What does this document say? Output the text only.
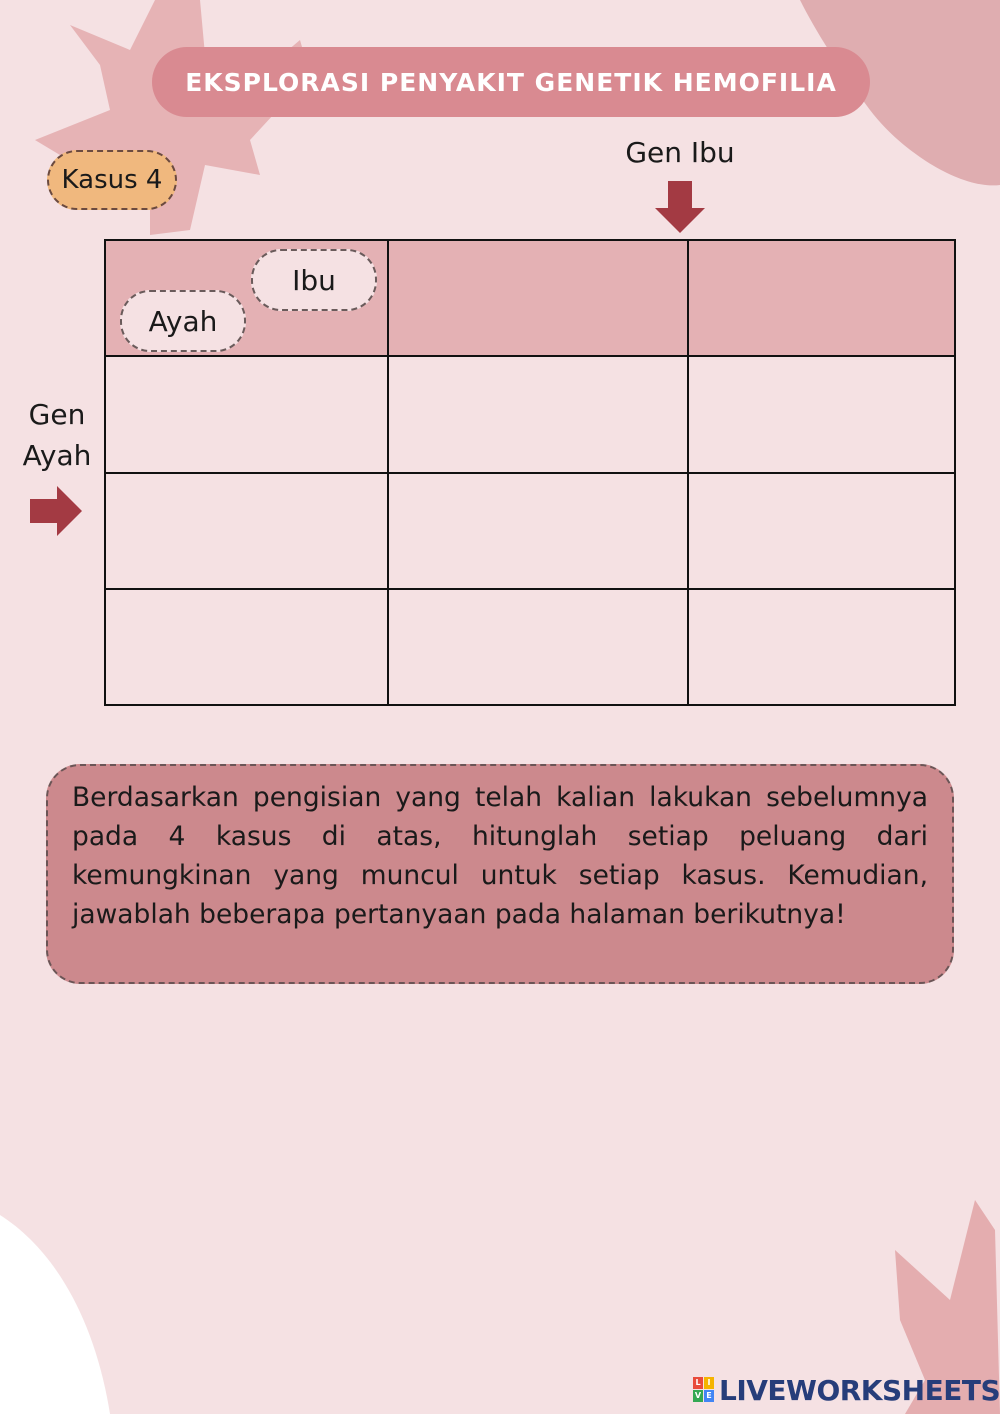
EKSPLORASI PENYAKIT GENETIK HEMOFILIA
Kasus 4
Gen Ibu
Gen
Ayah
Ibu
Ayah		

Berdasarkan pengisian yang telah kalian lakukan sebelumnya pada 4 kasus di atas, hitunglah setiap peluang dari kemungkinan yang muncul untuk setiap kasus. Kemudian, jawablah beberapa pertanyaan pada halaman berikutnya!
L I
V E LIVEWORKSHEETS
